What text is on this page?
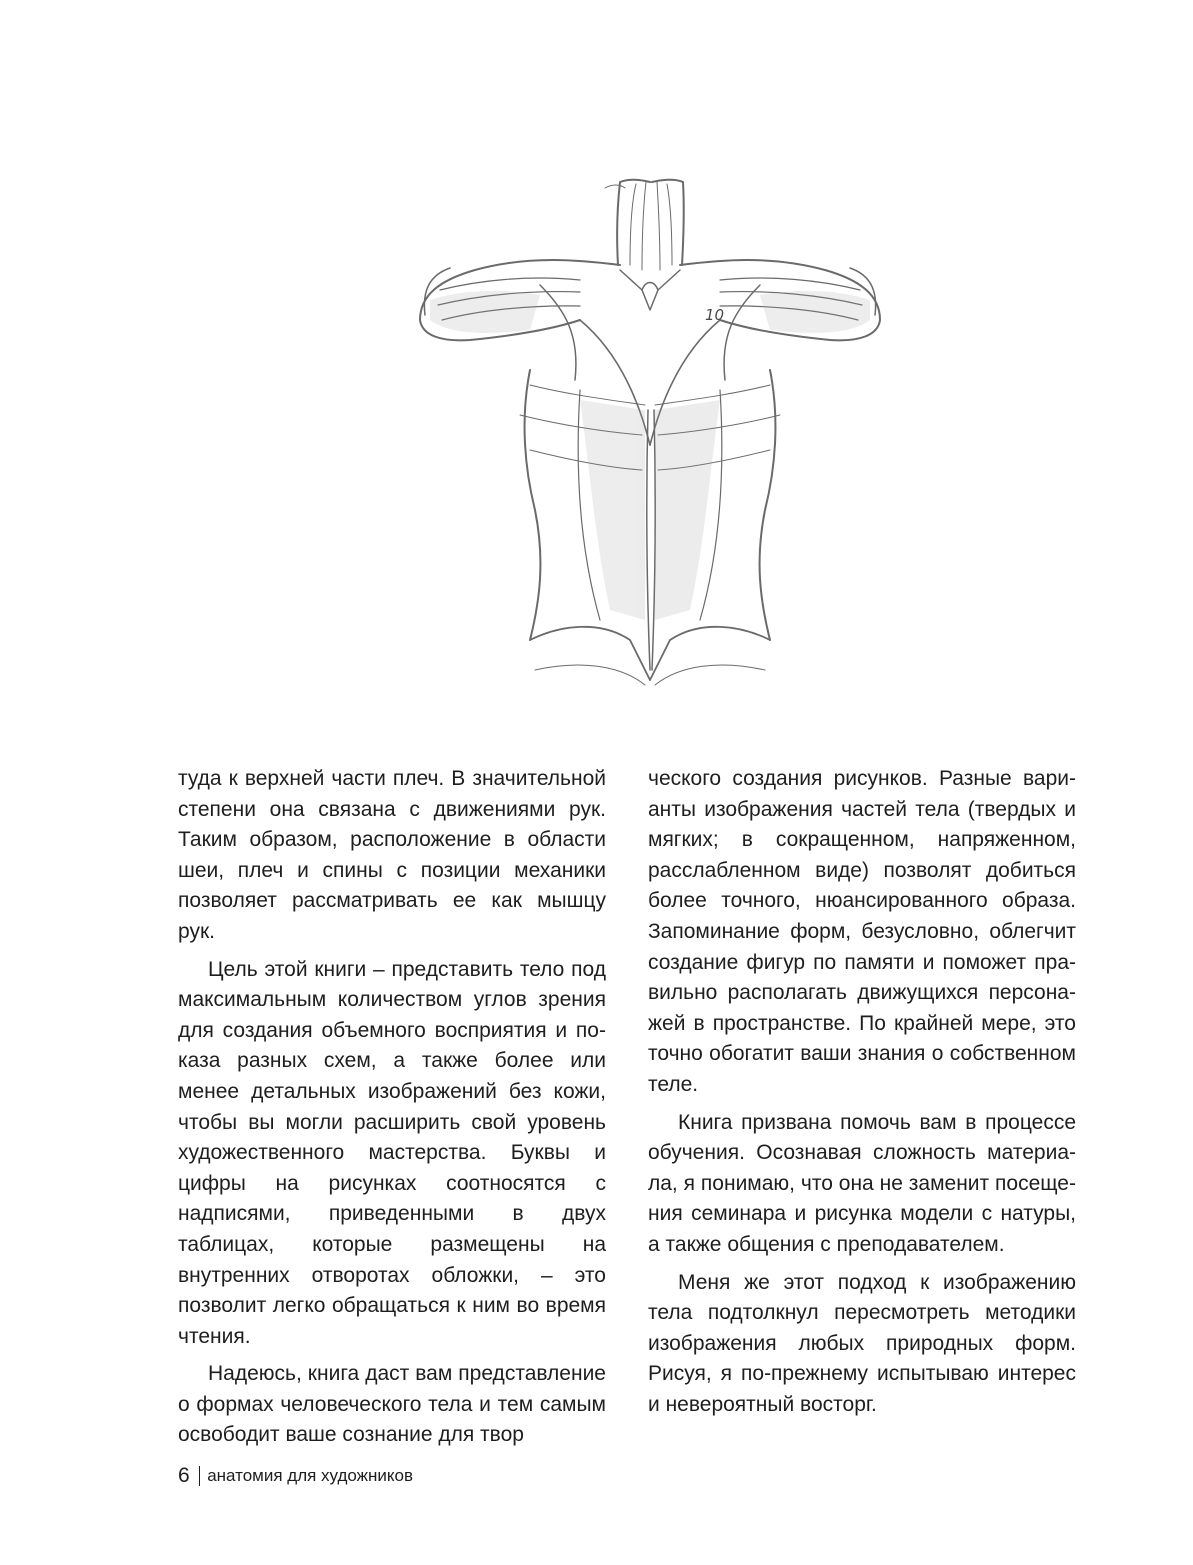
10

туда к верхней части плеч. В значительной степени она связана с движениями рук. Таким образом, расположение в области шеи, плеч и спины с позиции механики позволяет рассматривать ее как мышцу рук.

Цель этой книги – представить тело под максимальным количеством углов зрения для создания объемного восприятия и показа разных схем, а также более или менее детальных изображений без кожи, чтобы вы могли расширить свой уровень художественного мастерства. Буквы и цифры на рисунках соотносятся с надписями, приведенными в двух таблицах, которые размещены на внутренних отворотах обложки, – это позволит легко обращаться к ним во время чтения.

Надеюсь, книга даст вам представление о формах человеческого тела и тем самым освободит ваше сознание для твор

ческого создания рисунков. Разные варианты изображения частей тела (твердых и мягких; в сокращенном, напряженном, расслабленном виде) позволят добиться более точного, нюансированного образа. Запоминание форм, безусловно, облегчит создание фигур по памяти и поможет правильно располагать движущихся персонажей в пространстве. По крайней мере, это точно обогатит ваши знания о собственном теле.

Книга призвана помочь вам в процессе обучения. Осознавая сложность материала, я понимаю, что она не заменит посещения семинара и рисунка модели с натуры, а также общения с преподавателем.

Меня же этот подход к изображению тела подтолкнул пересмотреть методики изображения любых природных форм. Рисуя, я по-прежнему испытываю интерес и невероятный восторг.

6 анатомия для художников
